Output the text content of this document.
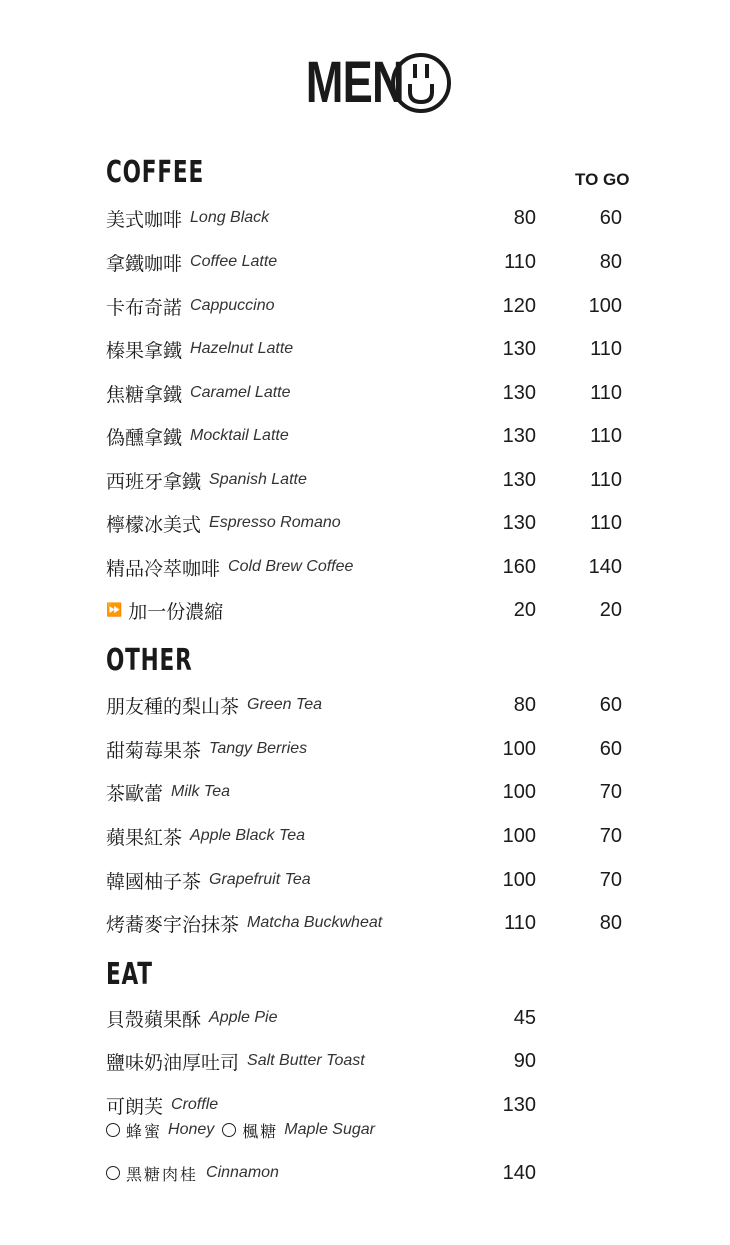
MEN
COFFEE	TO GO
美式咖啡 Long Black	80	60
拿鐵咖啡 Coffee Latte	110	80
卡布奇諾 Cappuccino	120	100
榛果拿鐵 Hazelnut Latte	130	110
焦糖拿鐵 Caramel Latte	130	110
偽醺拿鐵 Mocktail Latte	130	110
西班牙拿鐵 Spanish Latte	130	110
檸檬冰美式 Espresso Romano	130	110
精品冷萃咖啡 Cold Brew Coffee	160	140
⏩ 加一份濃縮	20	20
OTHER
朋友種的梨山茶 Green Tea	80	60
甜菊莓果茶 Tangy Berries	100	60
茶歐蕾 Milk Tea	100	70
蘋果紅茶 Apple Black Tea	100	70
韓國柚子茶 Grapefruit Tea	100	70
烤蕎麥宇治抹茶 Matcha Buckwheat	110	80
EAT
貝殼蘋果酥 Apple Pie	45
鹽味奶油厚吐司 Salt Butter Toast	90
可朗芙 Croffle	130
蜂蜜 Honey 楓糖 Maple Sugar
黑糖肉桂 Cinnamon	140
